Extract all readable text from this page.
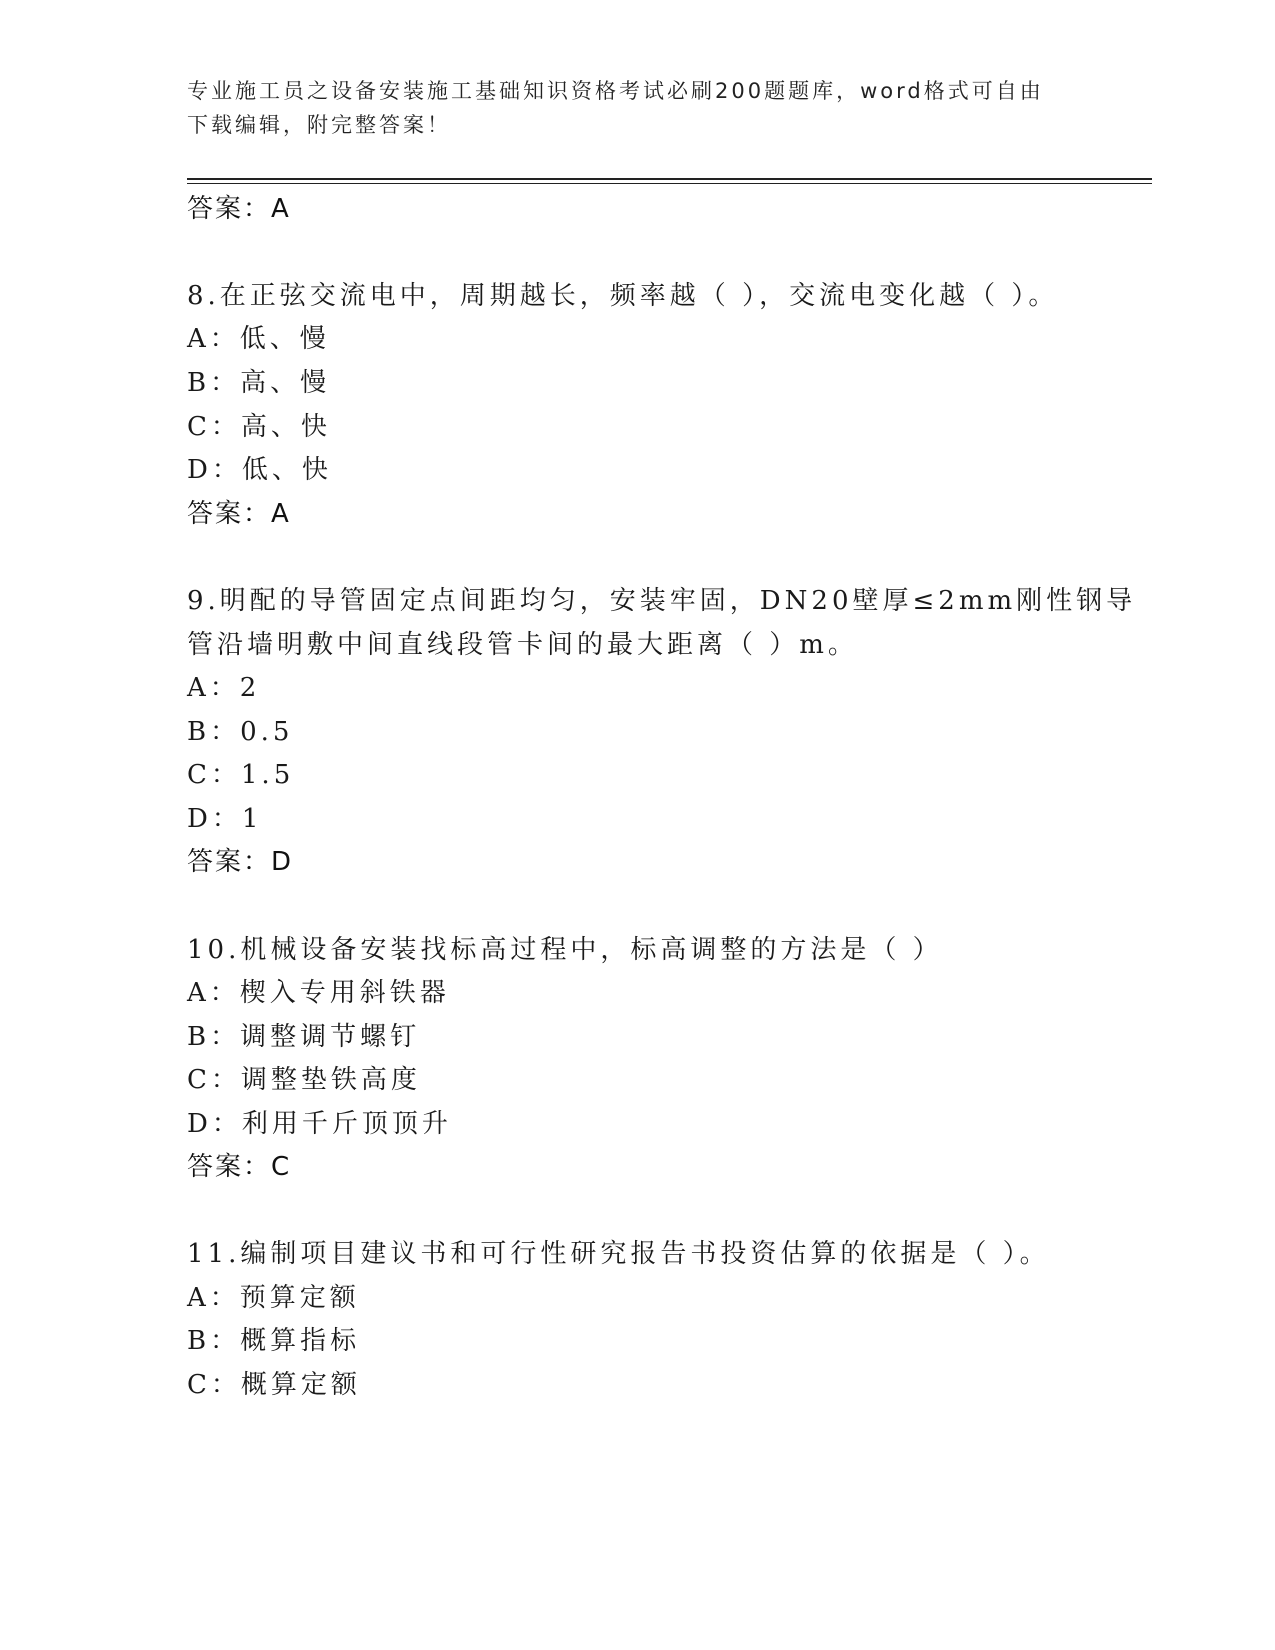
专业施工员之设备安装施工基础知识资格考试必刷200题题库，word格式可自由
下载编辑，附完整答案！
答案：A
8.在正弦交流电中，周期越长，频率越（ ），交流电变化越（ ）。
A：低、慢
B：高、慢
C：高、快
D：低、快
答案：A
9.明配的导管固定点间距均匀，安装牢固，DN20壁厚≤2mm刚性钢导
管沿墙明敷中间直线段管卡间的最大距离（ ）m。
A：2
B：0.5
C：1.5
D：1
答案：D
10.机械设备安装找标高过程中，标高调整的方法是（ ）
A：楔入专用斜铁器
B：调整调节螺钉
C：调整垫铁高度
D：利用千斤顶顶升
答案：C
11.编制项目建议书和可行性研究报告书投资估算的依据是（ ）。
A：预算定额
B：概算指标
C：概算定额
